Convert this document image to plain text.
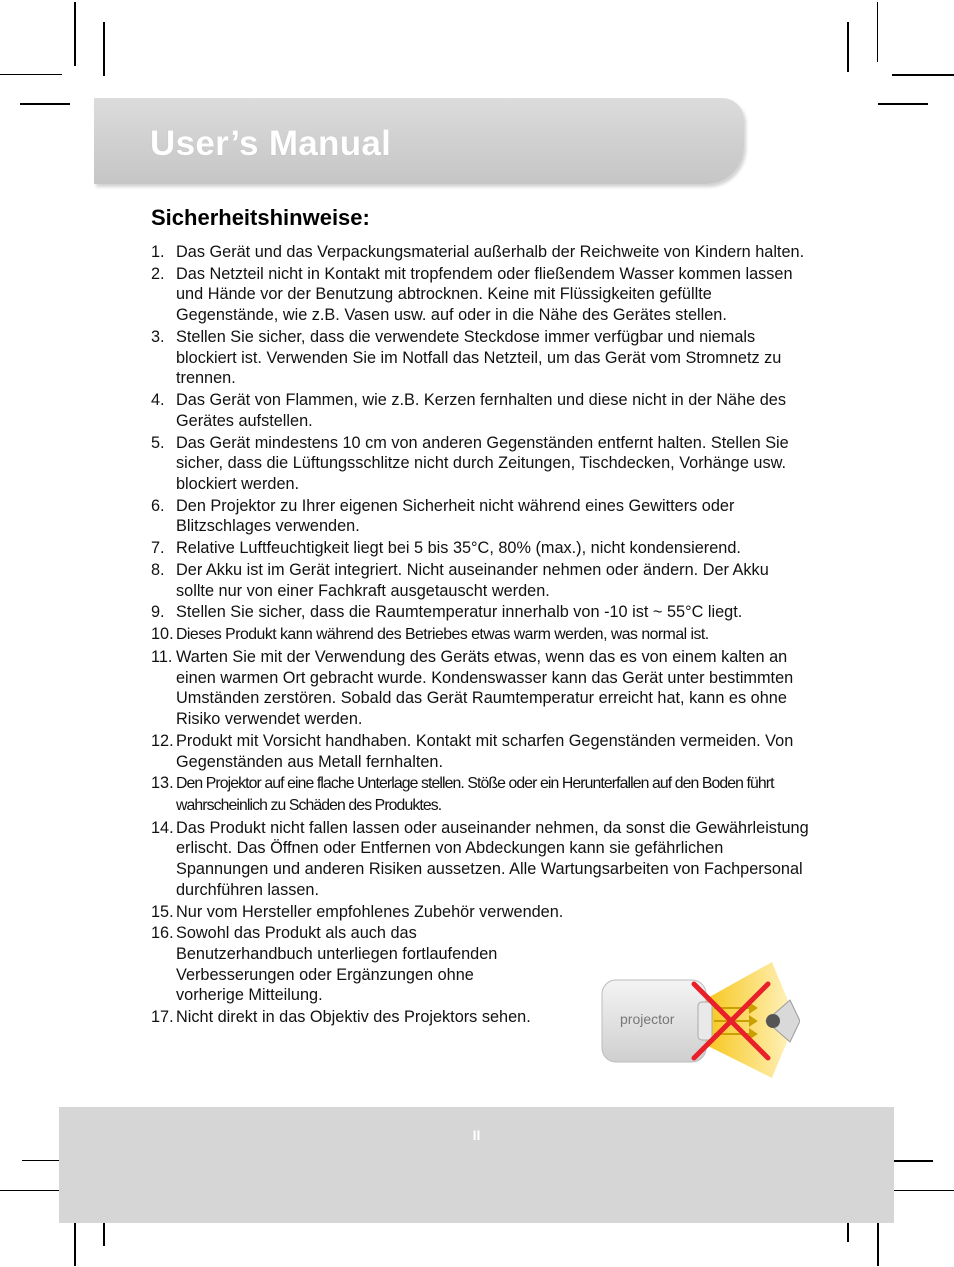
User’s Manual
Sicherheitshinweise:
1. Das Gerät und das Verpackungsmaterial außerhalb der Reichweite von Kindern halten.
2. Das Netzteil nicht in Kontakt mit tropfendem oder fließendem Wasser kommen lassen und Hände vor der Benutzung abtrocknen. Keine mit Flüssigkeiten gefüllte Gegenstände, wie z.B. Vasen usw. auf oder in die Nähe des Gerätes stellen.
3. Stellen Sie sicher, dass die verwendete Steckdose immer verfügbar und niemals blockiert ist. Verwenden Sie im Notfall das Netzteil, um das Gerät vom Stromnetz zu trennen.
4. Das Gerät von Flammen, wie z.B. Kerzen fernhalten und diese nicht in der Nähe des Gerätes aufstellen.
5. Das Gerät mindestens 10 cm von anderen Gegenständen entfernt halten. Stellen Sie sicher, dass die Lüftungsschlitze nicht durch Zeitungen, Tischdecken, Vorhänge usw. blockiert werden.
6. Den Projektor zu Ihrer eigenen Sicherheit nicht während eines Gewitters oder Blitzschlages verwenden.
7. Relative Luftfeuchtigkeit liegt bei 5 bis 35°C, 80% (max.), nicht kondensierend.
8. Der Akku ist im Gerät integriert. Nicht auseinander nehmen oder ändern. Der Akku sollte nur von einer Fachkraft ausgetauscht werden.
9. Stellen Sie sicher, dass die Raumtemperatur innerhalb von -10 ist ~ 55°C liegt.
10. Dieses Produkt kann während des Betriebes etwas warm werden, was normal ist.
11. Warten Sie mit der Verwendung des Geräts etwas, wenn das es von einem kalten an einen warmen Ort gebracht wurde. Kondenswasser kann das Gerät unter bestimmten Umständen zerstören. Sobald das Gerät Raumtemperatur erreicht hat, kann es ohne Risiko verwendet werden.
12. Produkt mit Vorsicht handhaben. Kontakt mit scharfen Gegenständen vermeiden. Von Gegenständen aus Metall fernhalten.
13. Den Projektor auf eine flache Unterlage stellen. Stöße oder ein Herunterfallen auf den Boden führt wahrscheinlich zu Schäden des Produktes.
14. Das Produkt nicht fallen lassen oder auseinander nehmen, da sonst die Gewährleistung erlischt. Das Öffnen oder Entfernen von Abdeckungen kann sie gefährlichen Spannungen und anderen Risiken aussetzen. Alle Wartungsarbeiten von Fachpersonal durchführen lassen.
15. Nur vom Hersteller empfohlenes Zubehör verwenden.
16. Sowohl das Produkt als auch das Benutzerhandbuch unterliegen fortlaufenden Verbesserungen oder Ergänzungen ohne vorherige Mitteilung.
17. Nicht direkt in das Objektiv des Projektors sehen.	projector
II
